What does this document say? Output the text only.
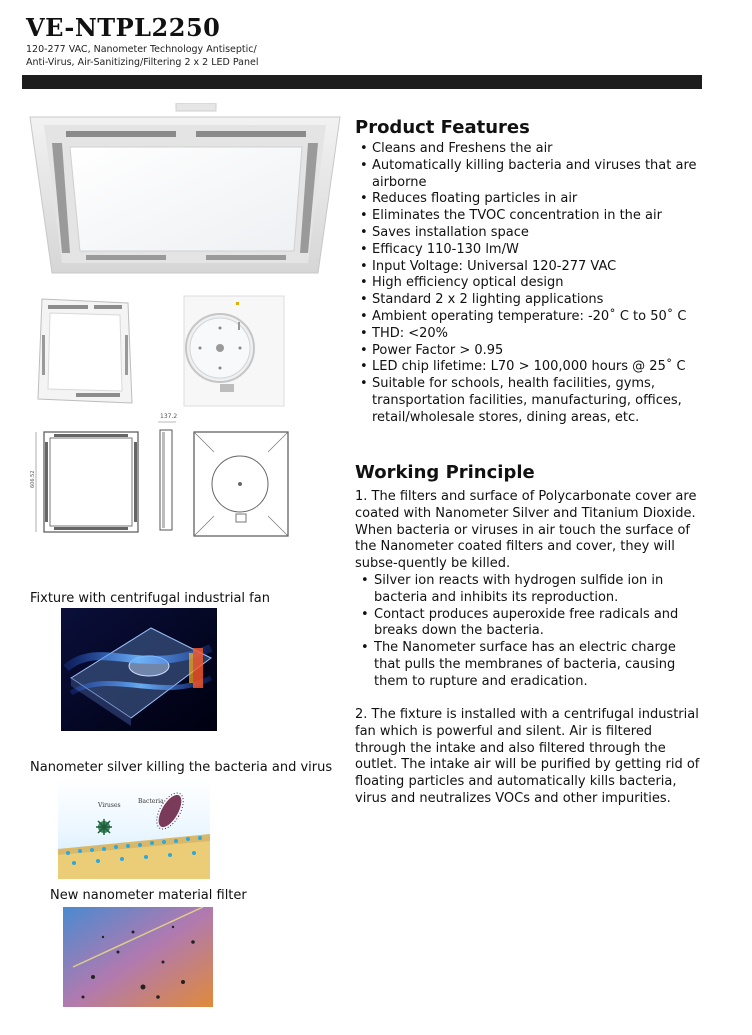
VE-NTPL2250
120-277 VAC, Nanometer Technology Antiseptic/
Anti-Virus, Air-Sanitizing/Filtering 2 x 2 LED Panel
606.52
137.2
Product Features
• Cleans and Freshens the air
• Automatically killing bacteria and viruses that are airborne
• Reduces floating particles in air
• Eliminates the TVOC concentration in the air
• Saves installation space
• Efficacy 110-130 lm/W
• Input Voltage: Universal 120-277 VAC
• High efficiency optical design
• Standard 2 x 2 lighting applications
• Ambient operating temperature: -20˚ C to 50˚ C
• THD: <20%
• Power Factor > 0.95
• LED chip lifetime: L70 > 100,000 hours @ 25˚ C
• Suitable for schools, health facilities, gyms, transportation facilities, manufacturing, offices, retail/wholesale stores, dining areas, etc.
Working Principle

1. The filters and surface of Polycarbonate cover are coated with Nanometer Silver and Titanium Dioxide. When bacteria or viruses in air touch the surface of the Nanometer coated filters and cover, they will subse-quently be killed.

• Silver ion reacts with hydrogen sulfide ion in bacteria and inhibits its reproduction.
• Contact produces auperoxide free radicals and breaks down the bacteria.
• The Nanometer surface has an electric charge that pulls the membranes of bacteria, causing them to rupture and eradication.

2. The fixture is installed with a centrifugal industrial fan which is powerful and silent. Air is filtered through the intake and also filtered through the outlet. The intake air will be purified by getting rid of floating particles and automatically kills bacteria, virus and neutralizes VOCs and other impurities.

Fixture with centrifugal industrial fan
Nanometer silver killing the bacteria and virus
Viruses
Bacteria
New nanometer material filter
